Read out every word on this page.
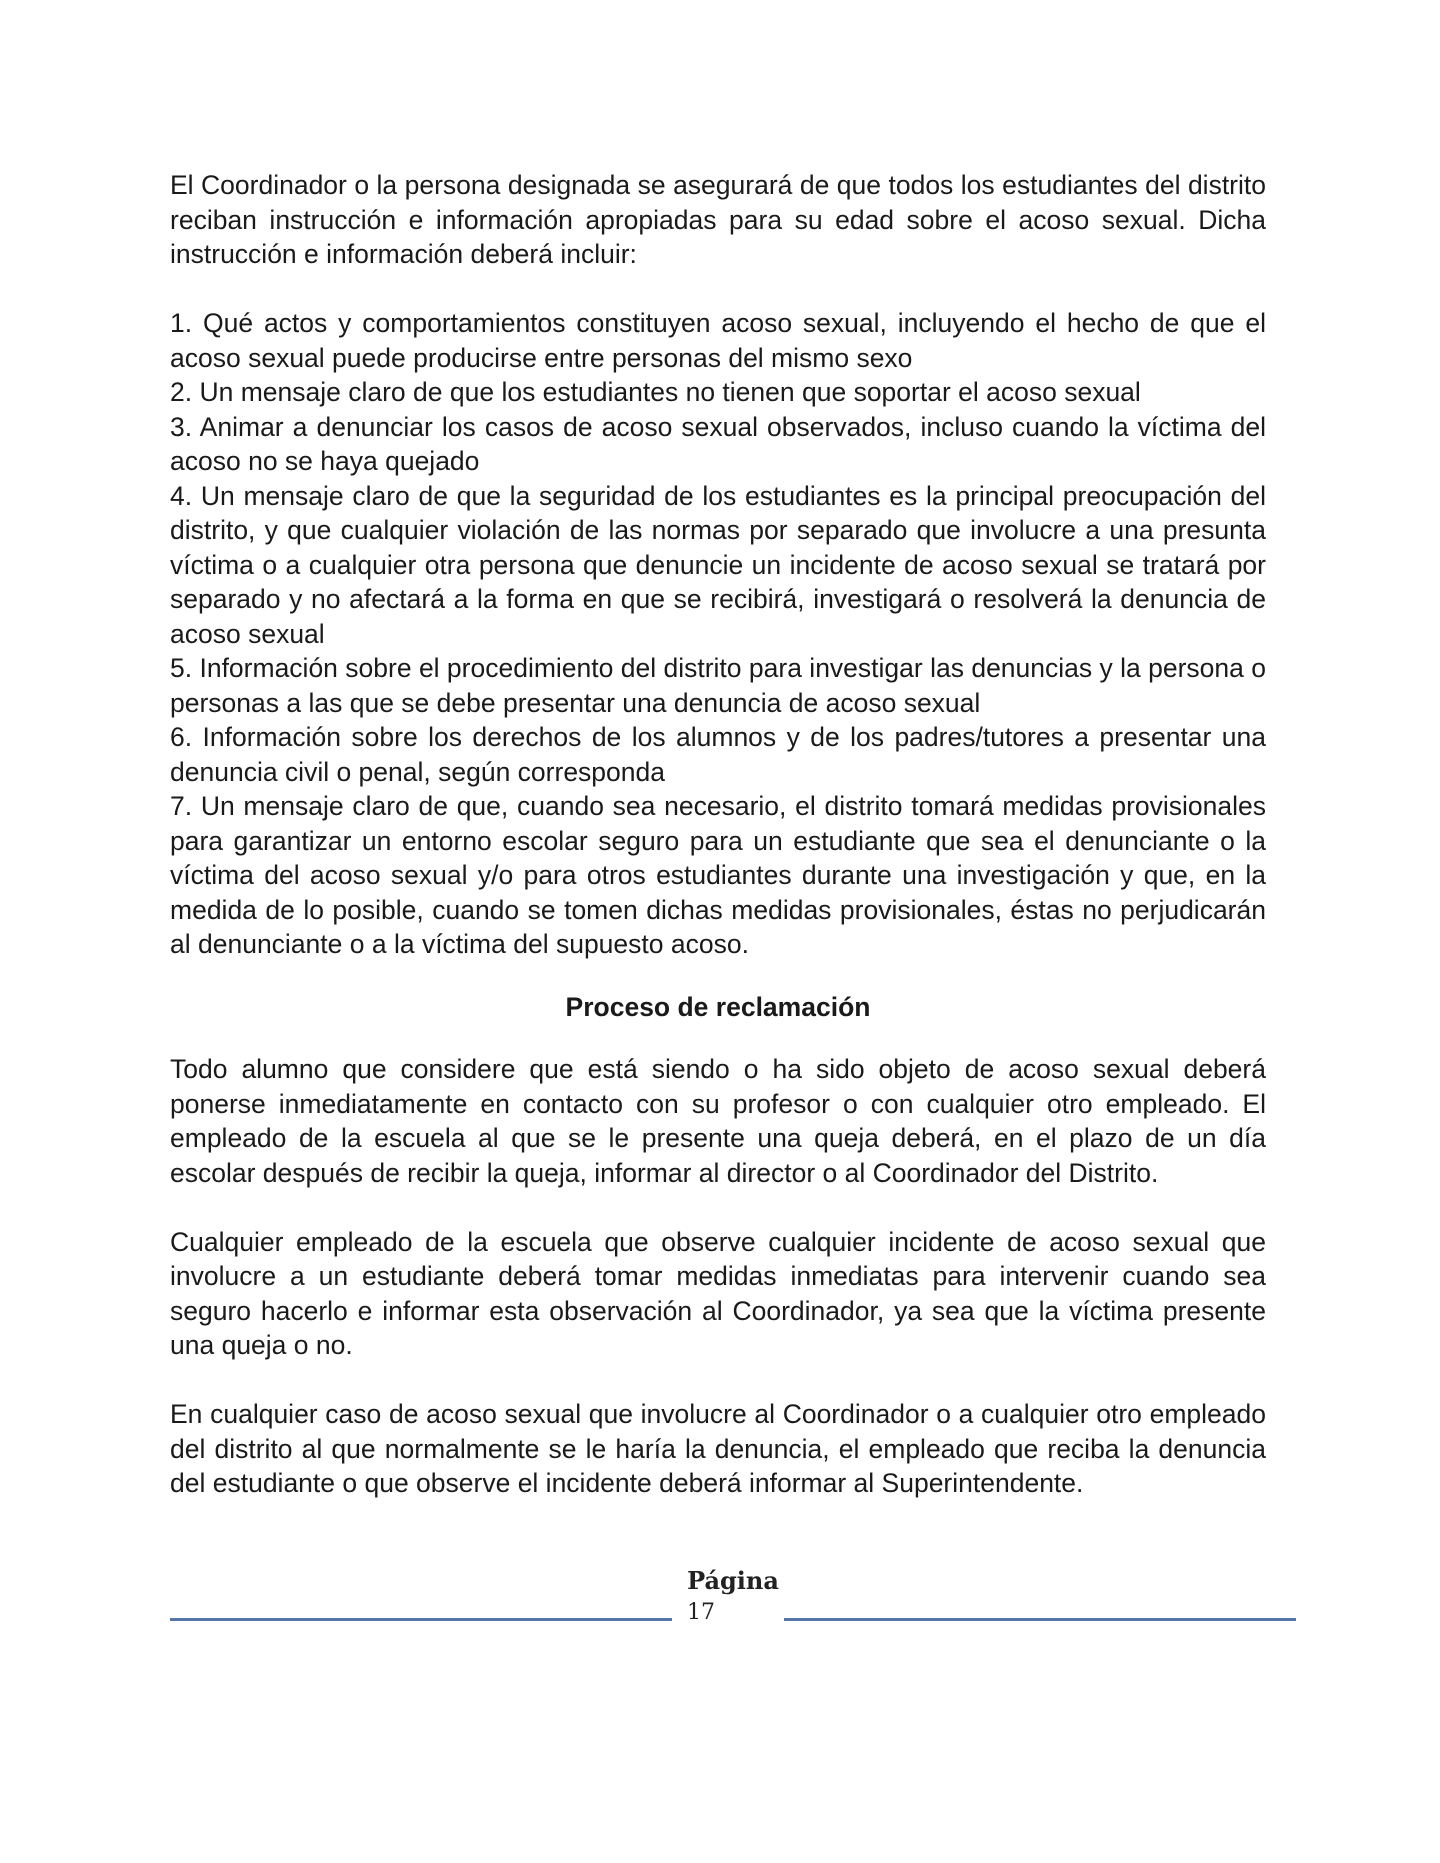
El Coordinador o la persona designada se asegurará de que todos los estudiantes del distrito reciban instrucción e información apropiadas para su edad sobre el acoso sexual. Dicha instrucción e información deberá incluir:

1. Qué actos y comportamientos constituyen acoso sexual, incluyendo el hecho de que el acoso sexual puede producirse entre personas del mismo sexo

2. Un mensaje claro de que los estudiantes no tienen que soportar el acoso sexual

3. Animar a denunciar los casos de acoso sexual observados, incluso cuando la víctima del acoso no se haya quejado

4. Un mensaje claro de que la seguridad de los estudiantes es la principal preocupación del distrito, y que cualquier violación de las normas por separado que involucre a una presunta víctima o a cualquier otra persona que denuncie un incidente de acoso sexual se tratará por separado y no afectará a la forma en que se recibirá, investigará o resolverá la denuncia de acoso sexual

5. Información sobre el procedimiento del distrito para investigar las denuncias y la persona o personas a las que se debe presentar una denuncia de acoso sexual

6. Información sobre los derechos de los alumnos y de los padres/tutores a presentar una denuncia civil o penal, según corresponda

7. Un mensaje claro de que, cuando sea necesario, el distrito tomará medidas provisionales para garantizar un entorno escolar seguro para un estudiante que sea el denunciante o la víctima del acoso sexual y/o para otros estudiantes durante una investigación y que, en la medida de lo posible, cuando se tomen dichas medidas provisionales, éstas no perjudicarán al denunciante o a la víctima del supuesto acoso.

Proceso de reclamación

Todo alumno que considere que está siendo o ha sido objeto de acoso sexual deberá ponerse inmediatamente en contacto con su profesor o con cualquier otro empleado. El empleado de la escuela al que se le presente una queja deberá, en el plazo de un día escolar después de recibir la queja, informar al director o al Coordinador del Distrito.

Cualquier empleado de la escuela que observe cualquier incidente de acoso sexual que involucre a un estudiante deberá tomar medidas inmediatas para intervenir cuando sea seguro hacerlo e informar esta observación al Coordinador, ya sea que la víctima presente una queja o no.

En cualquier caso de acoso sexual que involucre al Coordinador o a cualquier otro empleado del distrito al que normalmente se le haría la denuncia, el empleado que reciba la denuncia del estudiante o que observe el incidente deberá informar al Superintendente.

Página
17
